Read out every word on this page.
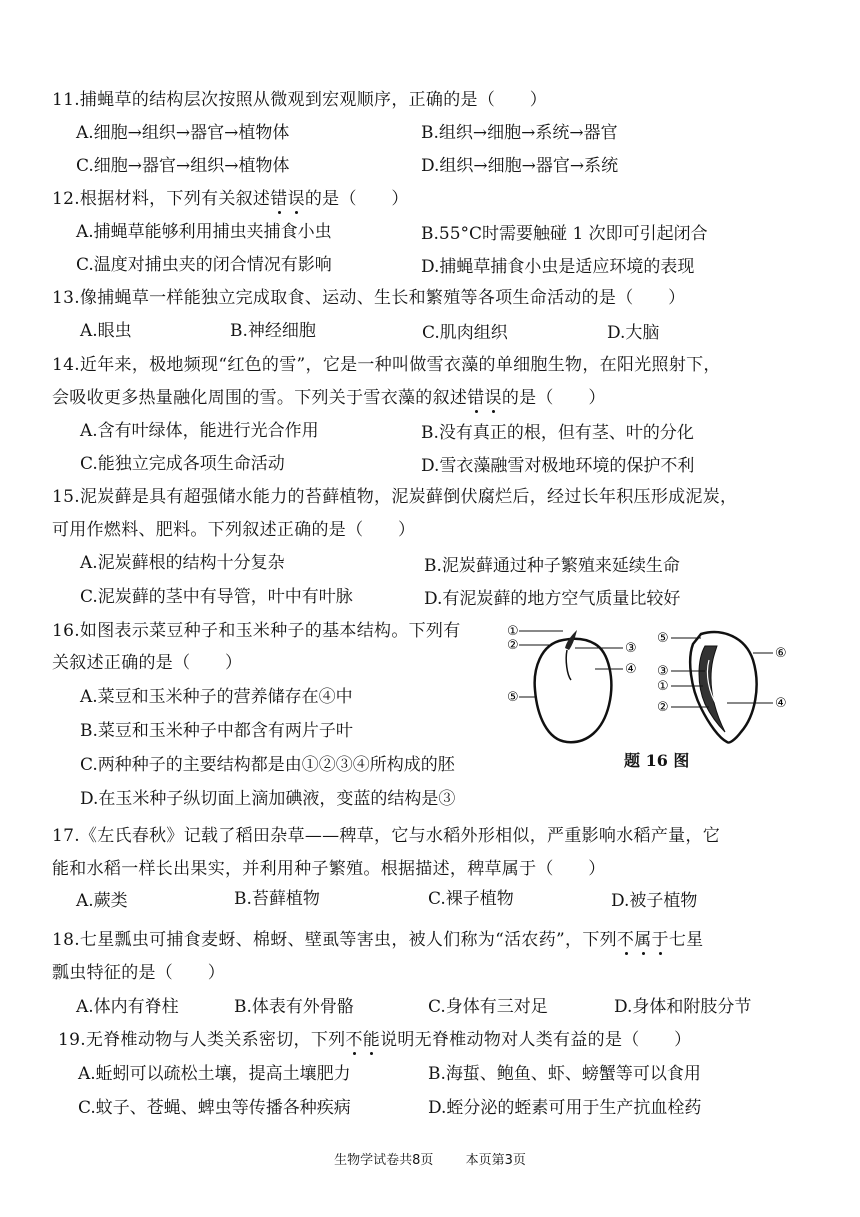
11.捕蝇草的结构层次按照从微观到宏观顺序，正确的是（　　）
A.细胞→组织→器官→植物体	B.组织→细胞→系统→器官
C.细胞→器官→组织→植物体	D.组织→细胞→器官→系统
12.根据材料，下列有关叙述错误的是（　　）
A.捕蝇草能够利用捕虫夹捕食小虫	B.55°C时需要触碰 1 次即可引起闭合
C.温度对捕虫夹的闭合情况有影响	D.捕蝇草捕食小虫是适应环境的表现
13.像捕蝇草一样能独立完成取食、运动、生长和繁殖等各项生命活动的是（　　）
A.眼虫	B.神经细胞	C.肌肉组织	D.大脑
14.近年来，极地频现“红色的雪”，它是一种叫做雪衣藻的单细胞生物，在阳光照射下，
会吸收更多热量融化周围的雪。下列关于雪衣藻的叙述错误的是（　　）
A.含有叶绿体，能进行光合作用	B.没有真正的根，但有茎、叶的分化
C.能独立完成各项生命活动	D.雪衣藻融雪对极地环境的保护不利
15.泥炭藓是具有超强储水能力的苔藓植物，泥炭藓倒伏腐烂后，经过长年积压形成泥炭，
可用作燃料、肥料。下列叙述正确的是（　　）
A.泥炭藓根的结构十分复杂	B.泥炭藓通过种子繁殖来延续生命
C.泥炭藓的茎中有导管，叶中有叶脉	D.有泥炭藓的地方空气质量比较好
16.如图表示菜豆种子和玉米种子的基本结构。下列有
关叙述正确的是（　　）
A.菜豆和玉米种子的营养储存在④中
B.菜豆和玉米种子中都含有两片子叶
C.两种种子的主要结构都是由①②③④所构成的胚
D.在玉米种子纵切面上滴加碘液，变蓝的结构是③
①
②	③
④
⑤
⑤
⑥
③
①
②	④
题 16 图
17.《左氏春秋》记载了稻田杂草——稗草，它与水稻外形相似，严重影响水稻产量，它
能和水稻一样长出果实，并利用种子繁殖。根据描述，稗草属于（　　）
A.蕨类	B.苔藓植物	C.裸子植物	D.被子植物
18.七星瓢虫可捕食麦蚜、棉蚜、壁虱等害虫，被人们称为“活农药”，下列不属于七星
瓢虫特征的是（　　）
A.体内有脊柱	B.体表有外骨骼	C.身体有三对足	D.身体和附肢分节
19.无脊椎动物与人类关系密切，下列不能说明无脊椎动物对人类有益的是（　　）
A.蚯蚓可以疏松土壤，提高土壤肥力	B.海蜇、鲍鱼、虾、螃蟹等可以食用
C.蚊子、苍蝇、蜱虫等传播各种疾病	D.蛭分泌的蛭素可用于生产抗血栓药
生物学试卷共8页 本页第3页
